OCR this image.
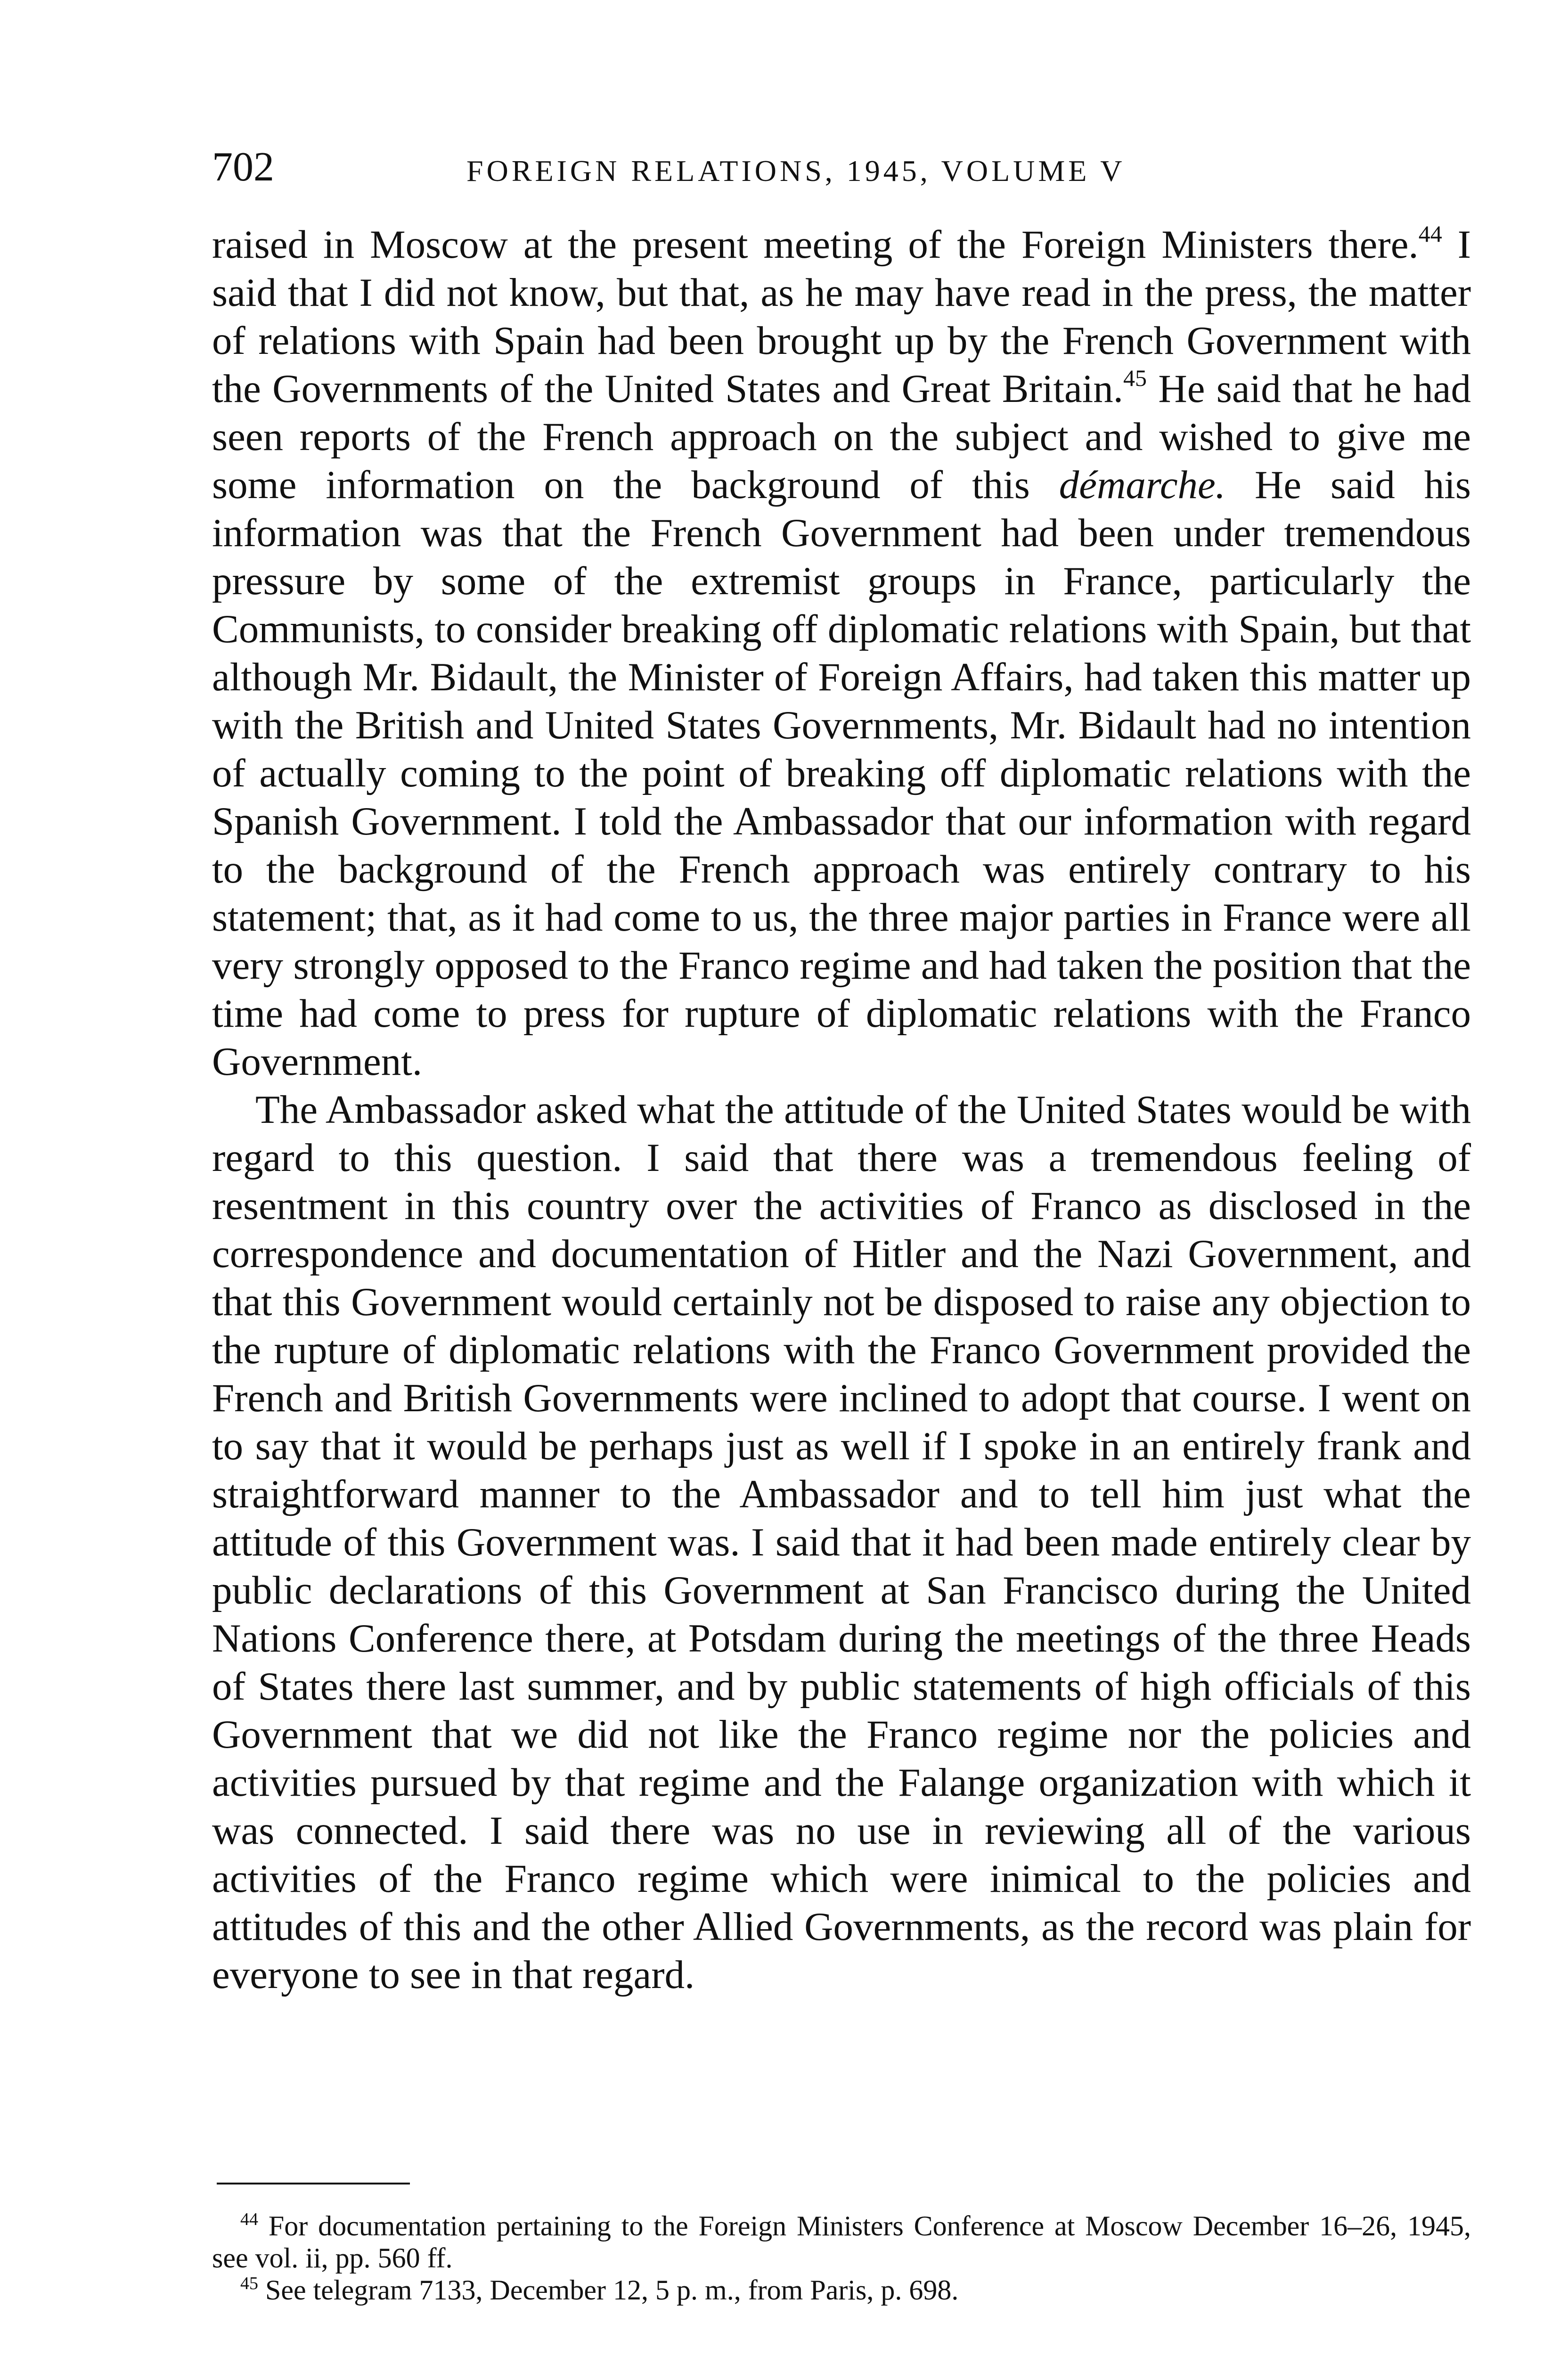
702	FOREIGN RELATIONS, 1945, VOLUME V

raised in Moscow at the present meeting of the Foreign Ministers there.$^{44}$ I said that I did not know, but that, as he may have read in the press, the matter of relations with Spain had been brought up by the French Government with the Governments of the United States and Great Britain.$^{45}$ He said that he had seen reports of the French approach on the subject and wished to give me some information on the background of this démarche. He said his information was that the French Government had been under tremendous pressure by some of the extremist groups in France, particularly the Communists, to consider breaking off diplomatic relations with Spain, but that although Mr. Bidault, the Minister of Foreign Affairs, had taken this matter up with the British and United States Governments, Mr. Bidault had no intention of actually coming to the point of breaking off diplomatic relations with the Spanish Government. I told the Ambassador that our information with regard to the background of the French approach was entirely contrary to his statement; that, as it had come to us, the three major parties in France were all very strongly opposed to the Franco regime and had taken the position that the time had come to press for rupture of diplomatic relations with the Franco Government.

The Ambassador asked what the attitude of the United States would be with regard to this question. I said that there was a tremendous feeling of resentment in this country over the activities of Franco as disclosed in the correspondence and documentation of Hitler and the Nazi Government, and that this Government would certainly not be disposed to raise any objection to the rupture of diplomatic relations with the Franco Government provided the French and British Governments were inclined to adopt that course. I went on to say that it would be perhaps just as well if I spoke in an entirely frank and straightforward manner to the Ambassador and to tell him just what the attitude of this Government was. I said that it had been made entirely clear by public declarations of this Government at San Francisco during the United Nations Conference there, at Potsdam during the meetings of the three Heads of States there last summer, and by public statements of high officials of this Government that we did not like the Franco regime nor the policies and activities pursued by that regime and the Falange organization with which it was connected. I said there was no use in reviewing all of the various activities of the Franco regime which were inimical to the policies and attitudes of this and the other Allied Governments, as the record was plain for everyone to see in that regard.

$^{44}$ For documentation pertaining to the Foreign Ministers Conference at Moscow December 16–26, 1945, see vol. ii, pp. 560 ff.

$^{45}$ See telegram 7133, December 12, 5 p. m., from Paris, p. 698.
